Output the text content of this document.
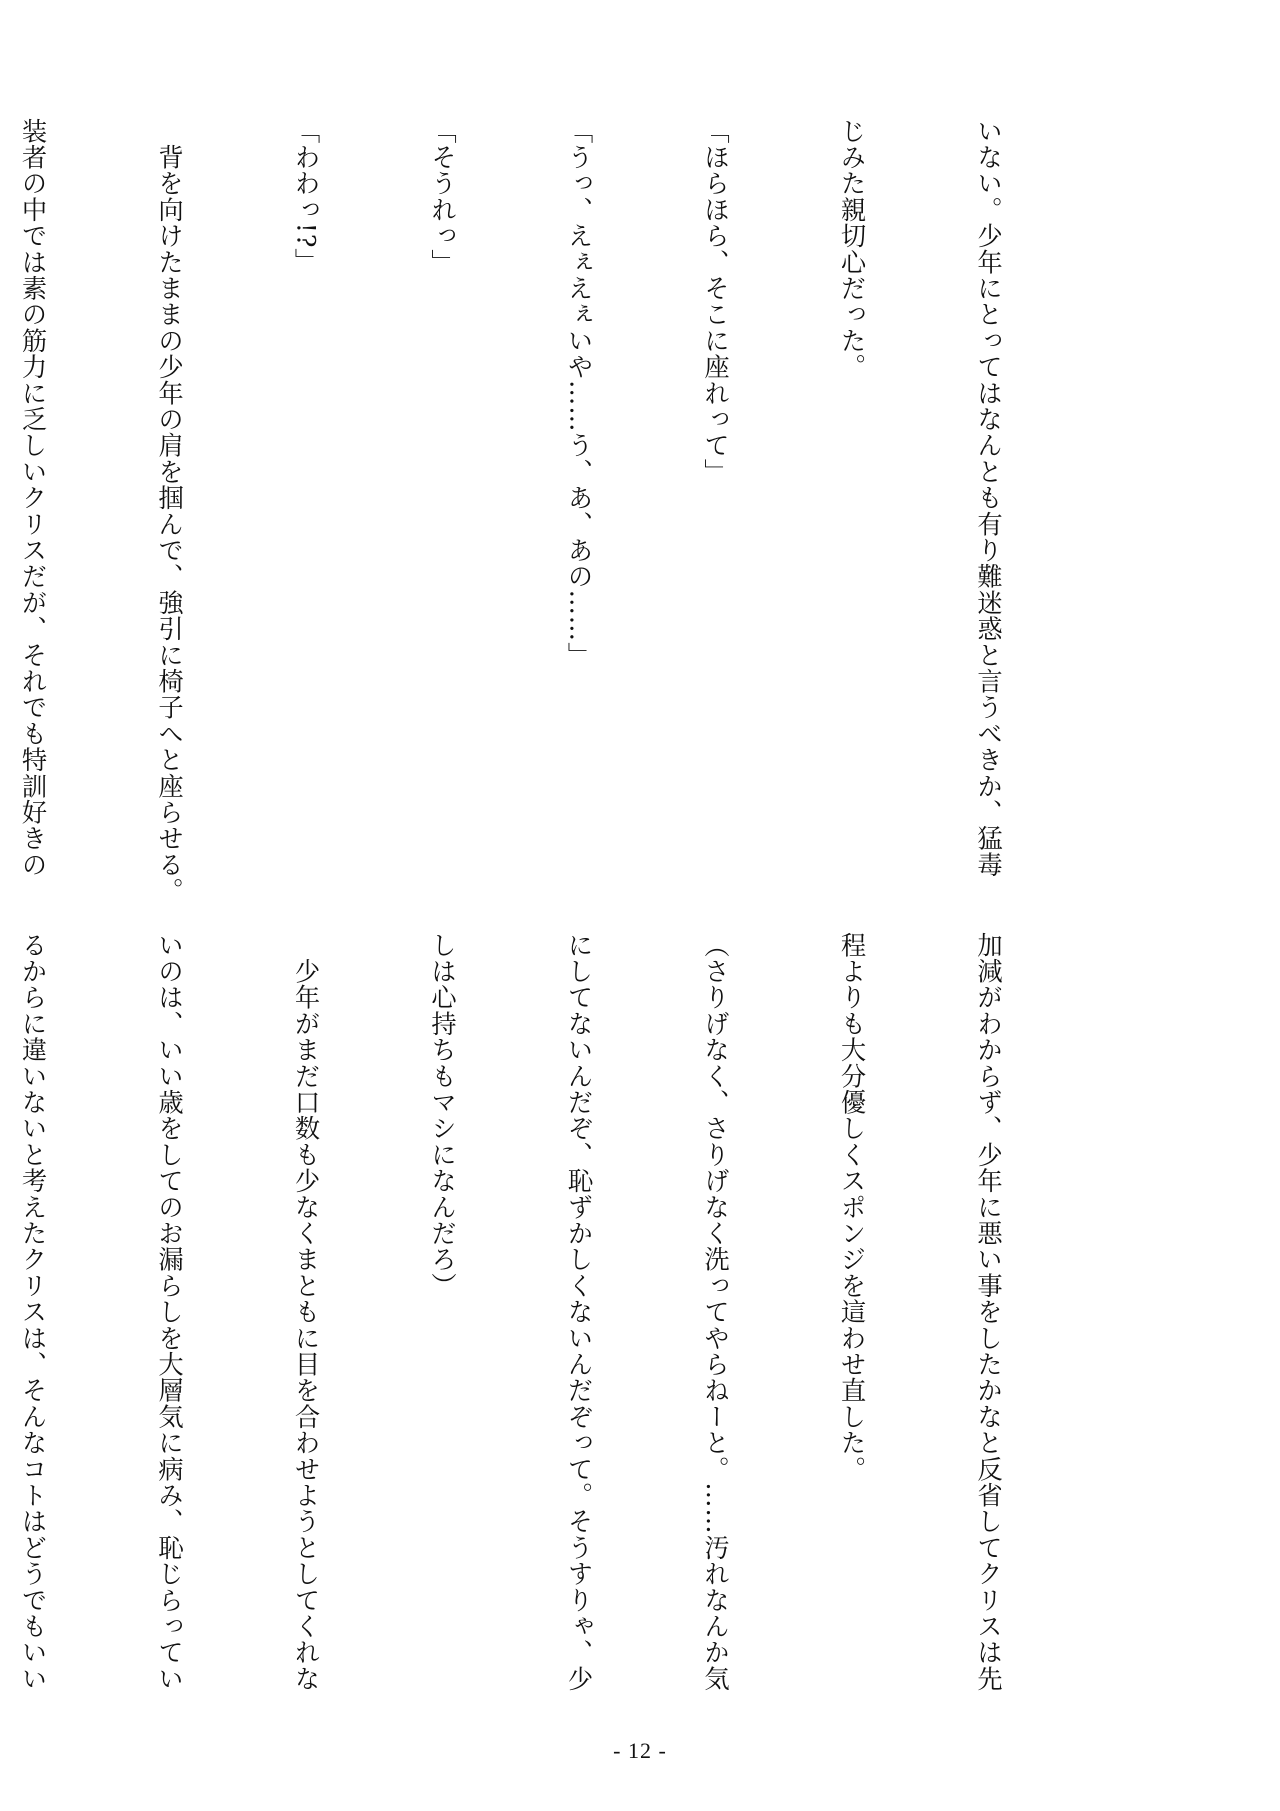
いない。少年にとってはなんとも有り難迷惑と言うべきか、猛毒

じみた親切心だった。

「ほらほら、そこに座れって」

「うっ、えぇえぇいや……う、あ、あの……」

「そうれっ」

「わわっ!?」

　背を向けたままの少年の肩を掴んで、強引に椅子へと座らせる。

装者の中では素の筋力に乏しいクリスだが、それでも特訓好きの

加減がわからず、少年に悪い事をしたかなと反省してクリスは先

程よりも大分優しくスポンジを這わせ直した。

（さりげなく、さりげなく洗ってやらねーと。……汚れなんか気

にしてないんだぞ、恥ずかしくないんだぞって。そうすりゃ、少

しは心持ちもマシになんだろ）

　少年がまだ口数も少なくまともに目を合わせようとしてくれな

いのは、いい歳をしてのお漏らしを大層気に病み、恥じらってい

るからに違いないと考えたクリスは、そんなコトはどうでもいい

- 12 -
